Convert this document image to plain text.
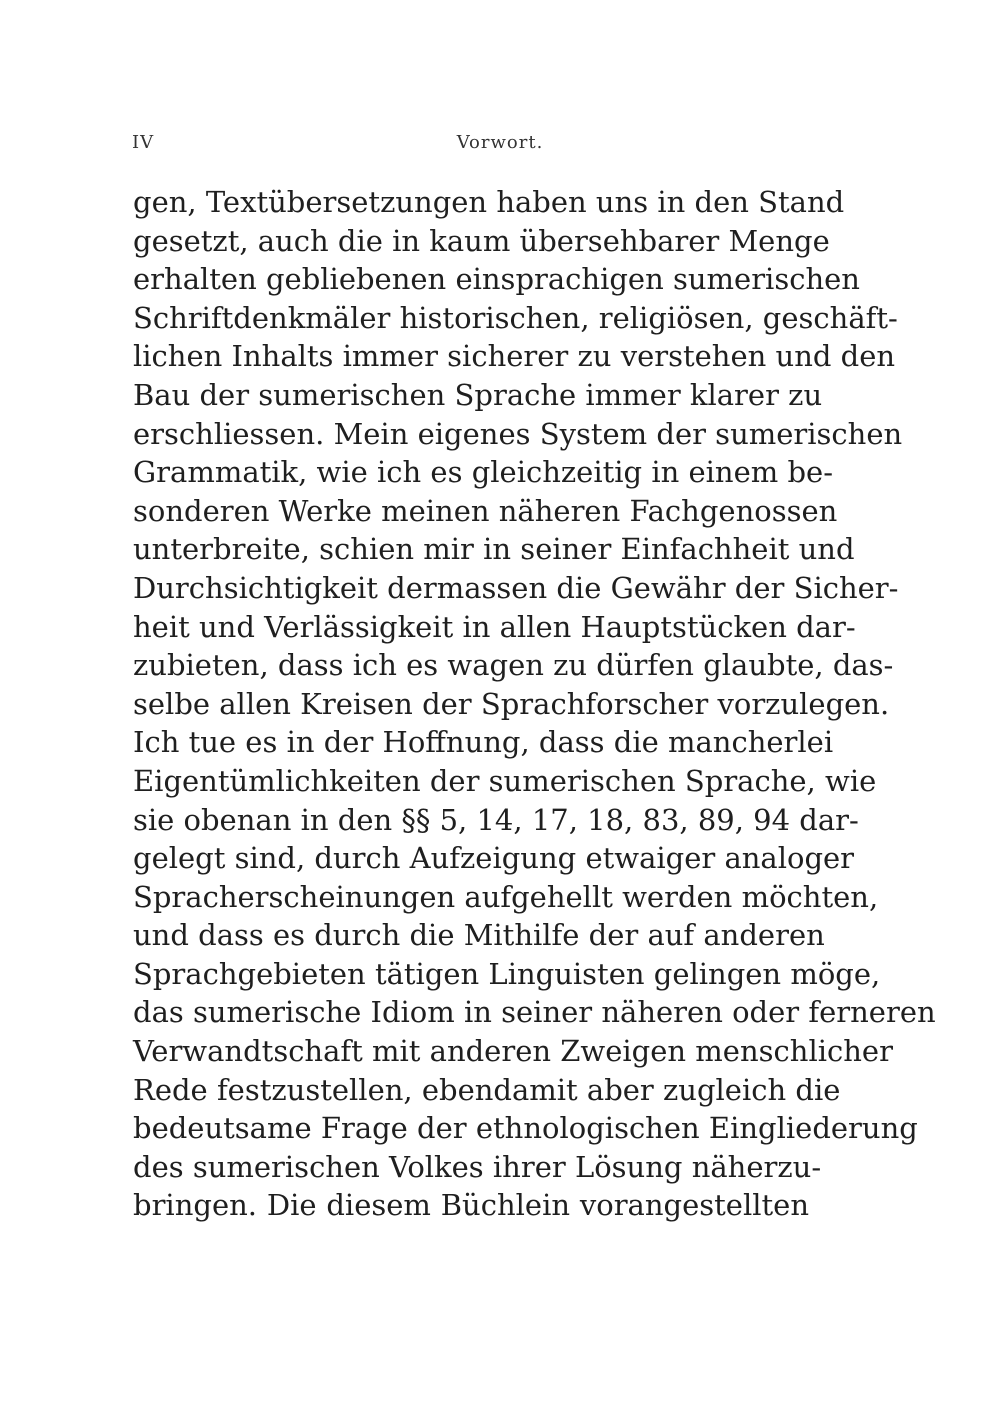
IV	Vorwort.
gen, Textübersetzungen haben uns in den Stand
gesetzt, auch die in kaum übersehbarer Menge
erhalten gebliebenen einsprachigen sumerischen
Schriftdenkmäler historischen, religiösen, geschäft-
lichen Inhalts immer sicherer zu verstehen und den
Bau der sumerischen Sprache immer klarer zu
erschliessen. Mein eigenes System der sumerischen
Grammatik, wie ich es gleichzeitig in einem be-
sonderen Werke meinen näheren Fachgenossen
unterbreite, schien mir in seiner Einfachheit und
Durchsichtigkeit dermassen die Gewähr der Sicher-
heit und Verlässigkeit in allen Hauptstücken dar-
zubieten, dass ich es wagen zu dürfen glaubte, das-
selbe allen Kreisen der Sprachforscher vorzulegen.
Ich tue es in der Hoffnung, dass die mancherlei
Eigentümlichkeiten der sumerischen Sprache, wie
sie obenan in den §§ 5, 14, 17, 18, 83, 89, 94 dar-
gelegt sind, durch Aufzeigung etwaiger analoger
Spracherscheinungen aufgehellt werden möchten,
und dass es durch die Mithilfe der auf anderen
Sprachgebieten tätigen Linguisten gelingen möge,
das sumerische Idiom in seiner näheren oder ferneren
Verwandtschaft mit anderen Zweigen menschlicher
Rede festzustellen, ebendamit aber zugleich die
bedeutsame Frage der ethnologischen Eingliederung
des sumerischen Volkes ihrer Lösung näherzu-
bringen. Die diesem Büchlein vorangestellten
